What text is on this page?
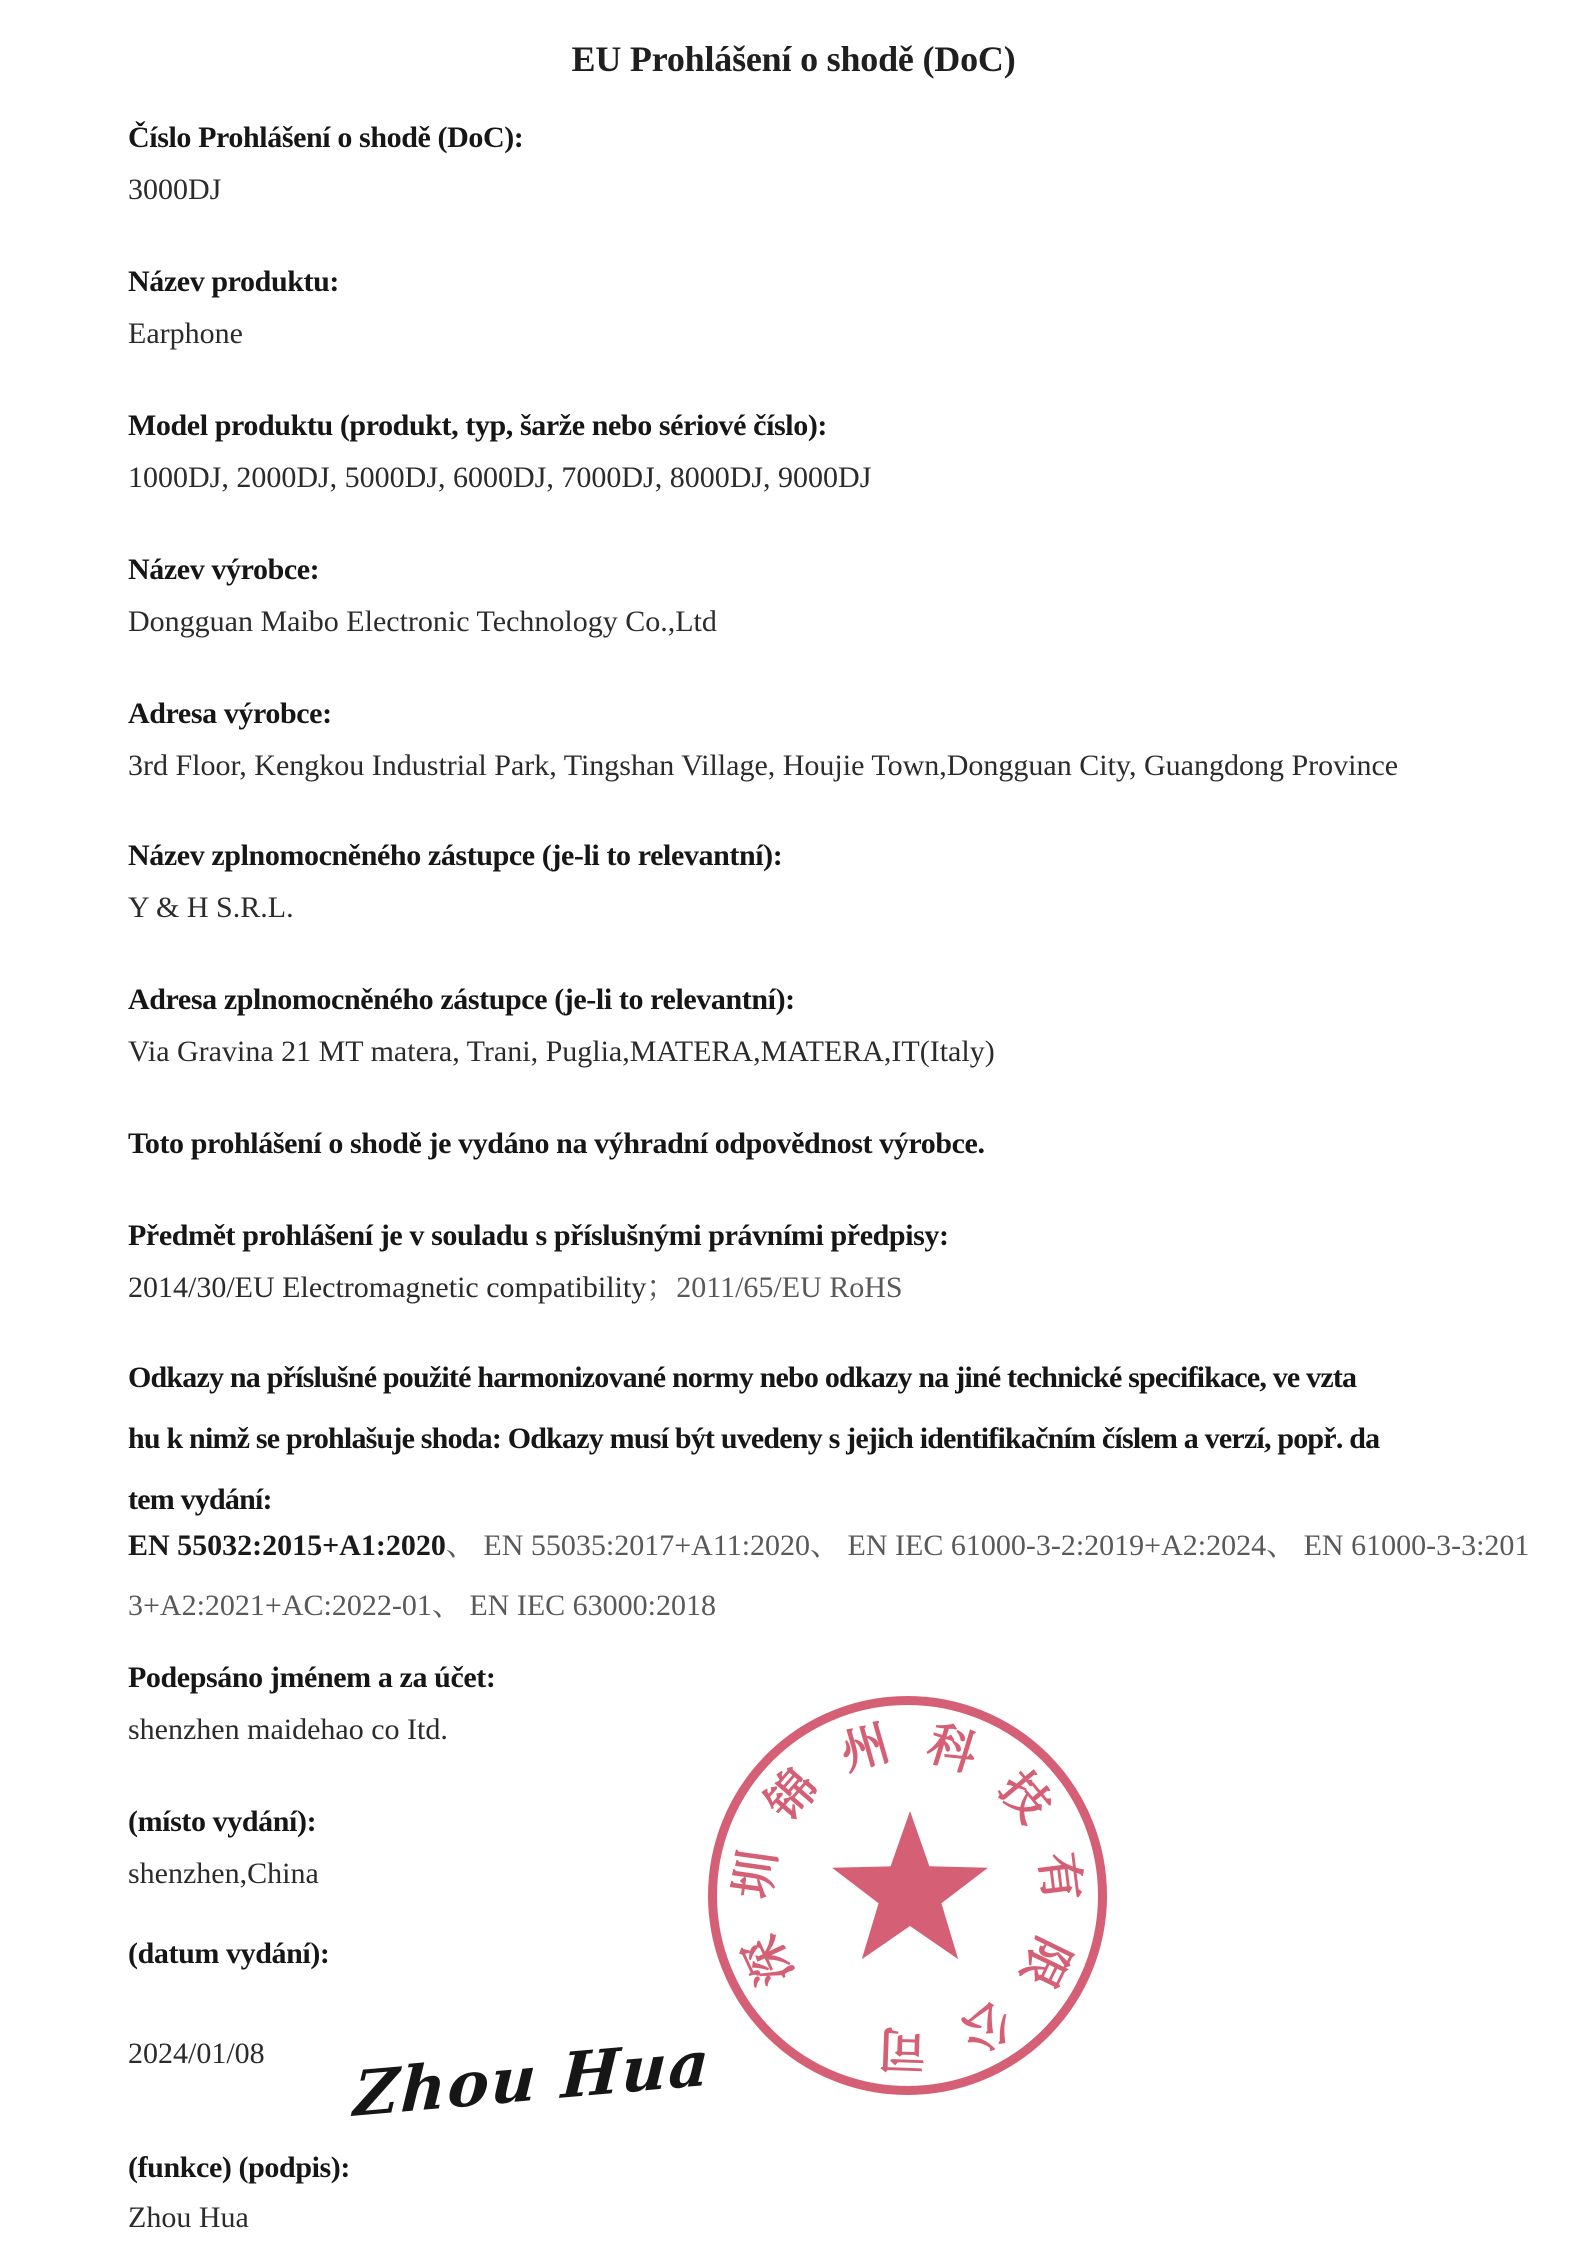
EU Prohlášení o shodě (DoC)
Číslo Prohlášení o shodě (DoC):
3000DJ
Název produktu:
Earphone
Model produktu (produkt, typ, šarže nebo sériové číslo):
1000DJ, 2000DJ, 5000DJ, 6000DJ, 7000DJ, 8000DJ, 9000DJ
Název výrobce:
Dongguan Maibo Electronic Technology Co.,Ltd
Adresa výrobce:
3rd Floor, Kengkou Industrial Park, Tingshan Village, Houjie Town,Dongguan City, Guangdong Province
Název zplnomocněného zástupce (je-li to relevantní):
Y & H S.R.L.
Adresa zplnomocněného zástupce (je-li to relevantní):
Via Gravina 21 MT matera, Trani, Puglia,MATERA,MATERA,IT(Italy)
Toto prohlášení o shodě je vydáno na výhradní odpovědnost výrobce.
Předmět prohlášení je v souladu s příslušnými právními předpisy:
2014/30/EU Electromagnetic compatibility；2011/65/EU RoHS
Odkazy na příslušné použité harmonizované normy nebo odkazy na jiné technické specifikace, ve vzta
hu k nimž se prohlašuje shoda: Odkazy musí být uvedeny s jejich identifikačním číslem a verzí, popř. da
tem vydání:
EN 55032:2015+A1:2020、 EN 55035:2017+A11:2020、 EN IEC 61000-3-2:2019+A2:2024、 EN 61000-3-3:201
3+A2:2021+AC:2022-01、 EN IEC 63000:2018
Podepsáno jménem a za účet:
shenzhen maidehao co Itd.
(místo vydání):
shenzhen,China
(datum vydání):
2024/01/08
(funkce) (podpis):
Zhou Hua
Zhou Hua
深
圳
锦
州 科
技
有
限
公
司
